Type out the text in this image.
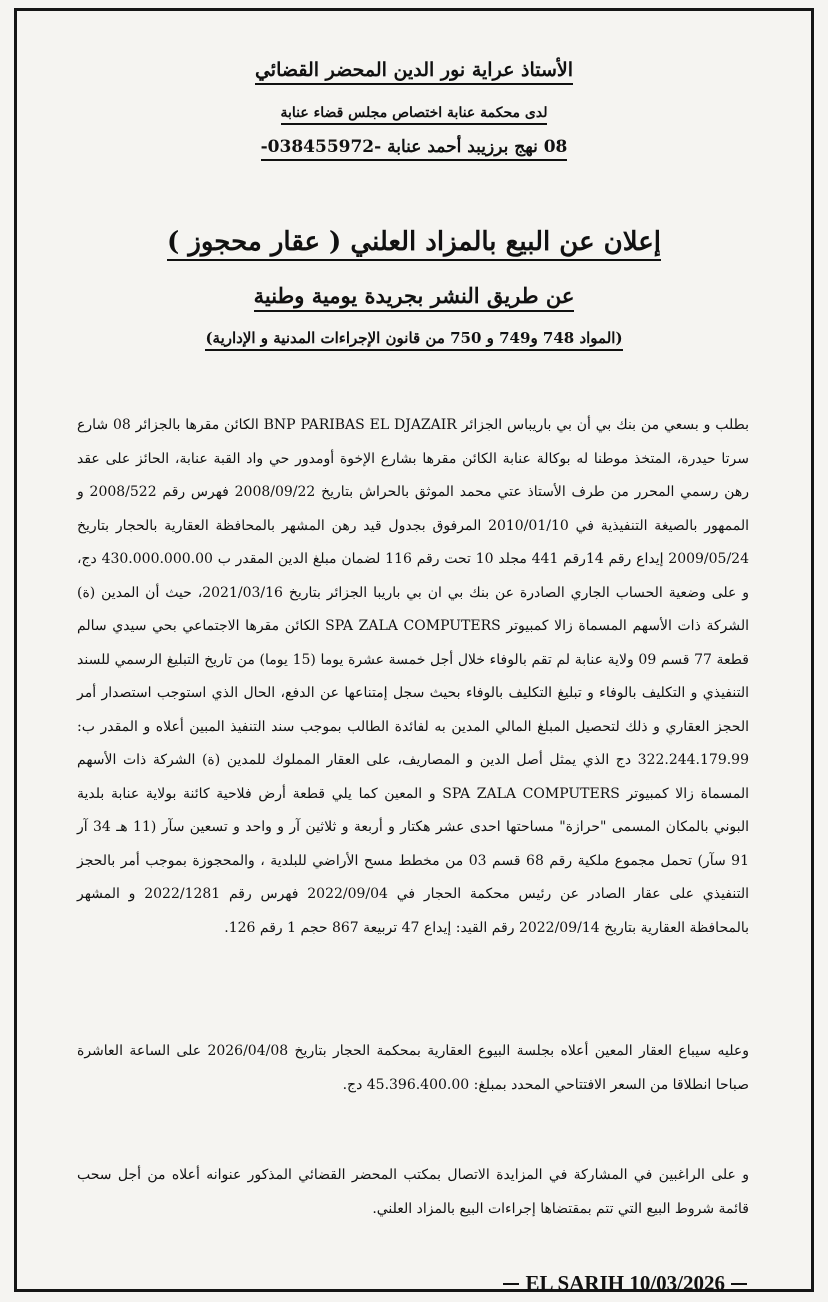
الأستاذ عراية نور الدين المحضر القضائي
لدى محكمة عنابة اختصاص مجلس قضاء عنابة
08 نهج برزيبد أحمد عنابة -038455972-
إعلان عن البيع بالمزاد العلني ( عقار محجوز )
عن طريق النشر بجريدة يومية وطنية
(المواد 748 و749 و 750 من قانون الإجراءات المدنية و الإدارية)

بطلب و بسعي من بنك بي أن بي باريباس الجزائر BNP PARIBAS EL DJAZAIR الكائن مقرها بالجزائر 08 شارع سرتا حيدرة، المتخذ موطنا له بوكالة عنابة الكائن مقرها بشارع الإخوة أومدور حي واد القبة عنابة، الحائز على عقد رهن رسمي المحرر من طرف الأستاذ عتي محمد الموثق بالحراش بتاريخ 2008/09/22 فهرس رقم 2008/522 و الممهور بالصيغة التنفيذية في 2010/01/10 المرفوق بجدول قيد رهن المشهر بالمحافظة العقارية بالحجار بتاريخ 2009/05/24 إيداع رقم 14رقم 441 مجلد 10 تحت رقم 116 لضمان مبلغ الدين المقدر ب 430.000.000.00 دج، و على وضعية الحساب الجاري الصادرة عن بنك بي ان بي باريبا الجزائر بتاريخ 2021/03/16، حيث أن المدين (ة) الشركة ذات الأسهم المسماة زالا كمبيوتر SPA ZALA COMPUTERS الكائن مقرها الاجتماعي بحي سيدي سالم قطعة 77 قسم 09 ولاية عنابة لم تقم بالوفاء خلال أجل خمسة عشرة يوما (15 يوما) من تاريخ التبليغ الرسمي للسند التنفيذي و التكليف بالوفاء و تبليغ التكليف بالوفاء بحيث سجل إمتناعها عن الدفع، الحال الذي استوجب استصدار أمر الحجز العقاري و ذلك لتحصيل المبلغ المالي المدين به لفائدة الطالب بموجب سند التنفيذ المبين أعلاه و المقدر ب: 322.244.179.99 دج الذي يمثل أصل الدين و المصاريف، على العقار المملوك للمدين (ة) الشركة ذات الأسهم المسماة زالا كمبيوتر SPA ZALA COMPUTERS و المعين كما يلي قطعة أرض فلاحية كائنة بولاية عنابة بلدية البوني بالمكان المسمى "حرازة" مساحتها احدى عشر هكتار و أربعة و ثلاثين آر و واحد و تسعين سآر (11 هـ 34 آر 91 سآر) تحمل مجموع ملكية رقم 68 قسم 03 من مخطط مسح الأراضي للبلدية ، والمحجوزة بموجب أمر بالحجز التنفيذي على عقار الصادر عن رئيس محكمة الحجار في 2022/09/04 فهرس رقم 2022/1281 و المشهر بالمحافظة العقارية بتاريخ 2022/09/14 رقم القيد: إيداع 47 تربيعة 867 حجم 1 رقم 126.

وعليه سيباع العقار المعين أعلاه بجلسة البيوع العقارية بمحكمة الحجار بتاريخ 2026/04/08 على الساعة العاشرة صباحا انطلاقا من السعر الافتتاحي المحدد بمبلغ: 45.396.400.00 دج.

و على الراغبين في المشاركة في المزايدة الاتصال بمكتب المحضر القضائي المذكور عنوانه أعلاه من أجل سحب قائمة شروط البيع التي تتم بمقتضاها إجراءات البيع بالمزاد العلني.

EL SARIH 10/03/2026
